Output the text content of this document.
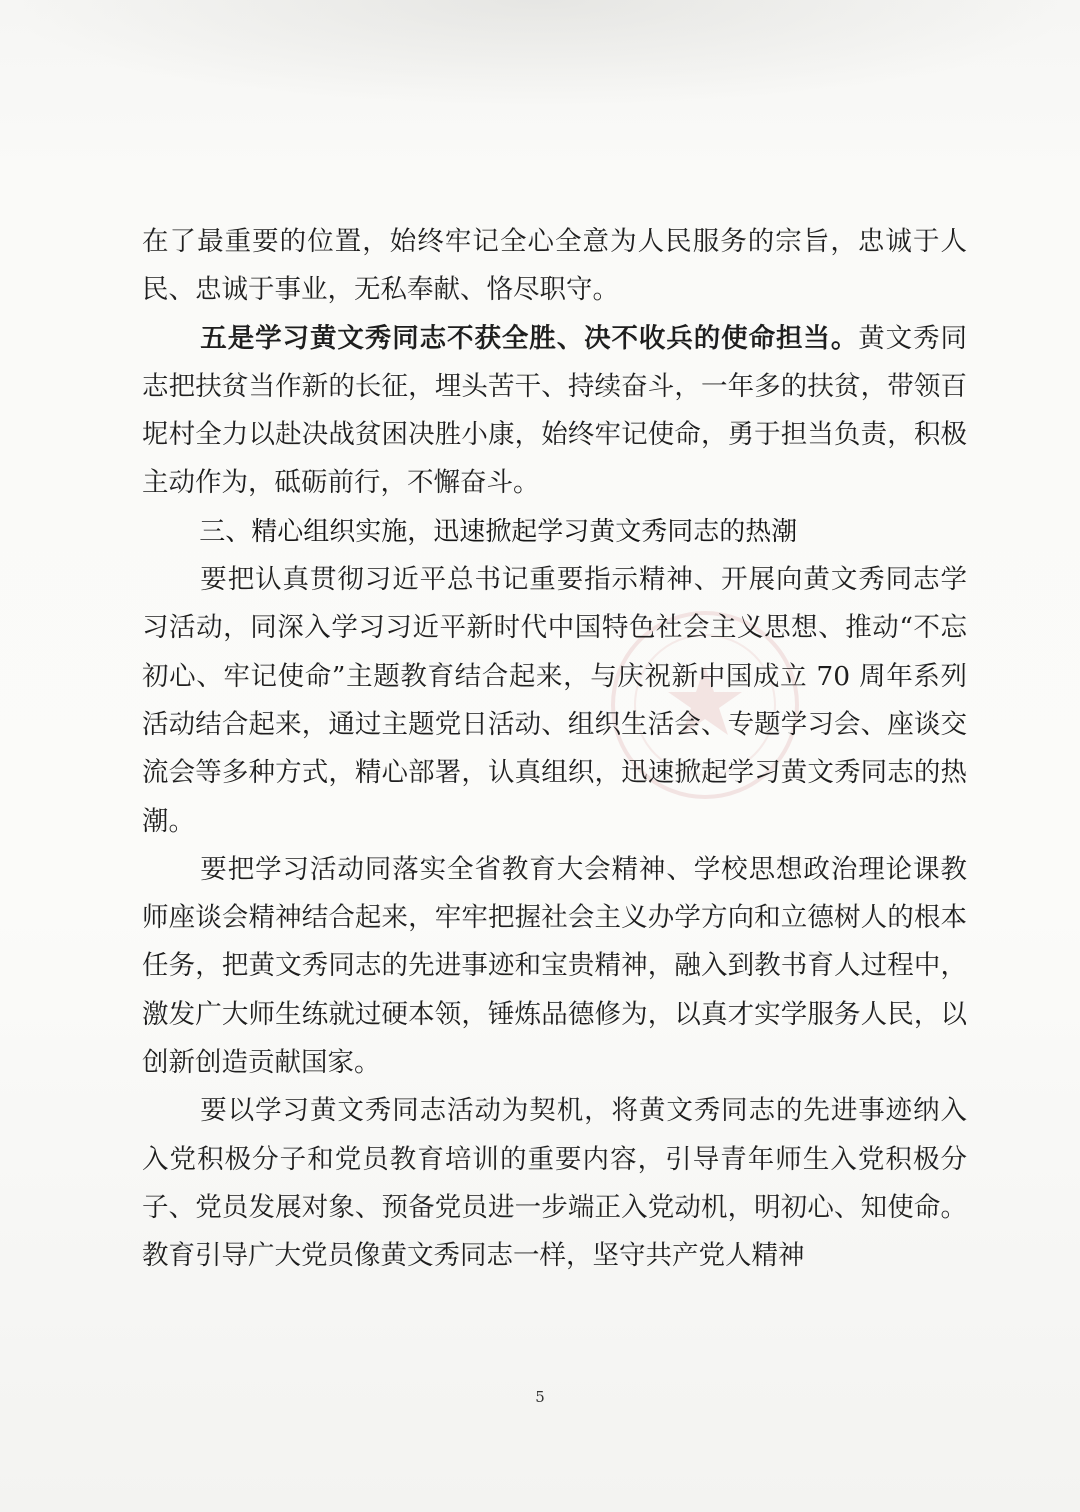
在了最重要的位置，始终牢记全心全意为人民服务的宗旨，忠诚于人民、忠诚于事业，无私奉献、恪尽职守。

五是学习黄文秀同志不获全胜、决不收兵的使命担当。黄文秀同志把扶贫当作新的长征，埋头苦干、持续奋斗，一年多的扶贫，带领百坭村全力以赴决战贫困决胜小康，始终牢记使命，勇于担当负责，积极主动作为，砥砺前行，不懈奋斗。

三、精心组织实施，迅速掀起学习黄文秀同志的热潮

要把认真贯彻习近平总书记重要指示精神、开展向黄文秀同志学习活动，同深入学习习近平新时代中国特色社会主义思想、推动“不忘初心、牢记使命”主题教育结合起来，与庆祝新中国成立 70 周年系列活动结合起来，通过主题党日活动、组织生活会、专题学习会、座谈交流会等多种方式，精心部署，认真组织，迅速掀起学习黄文秀同志的热潮。

要把学习活动同落实全省教育大会精神、学校思想政治理论课教师座谈会精神结合起来，牢牢把握社会主义办学方向和立德树人的根本任务，把黄文秀同志的先进事迹和宝贵精神，融入到教书育人过程中，激发广大师生练就过硬本领，锤炼品德修为，以真才实学服务人民，以创新创造贡献国家。

要以学习黄文秀同志活动为契机，将黄文秀同志的先进事迹纳入入党积极分子和党员教育培训的重要内容，引导青年师生入党积极分子、党员发展对象、预备党员进一步端正入党动机，明初心、知使命。教育引导广大党员像黄文秀同志一样，坚守共产党人精神

5
